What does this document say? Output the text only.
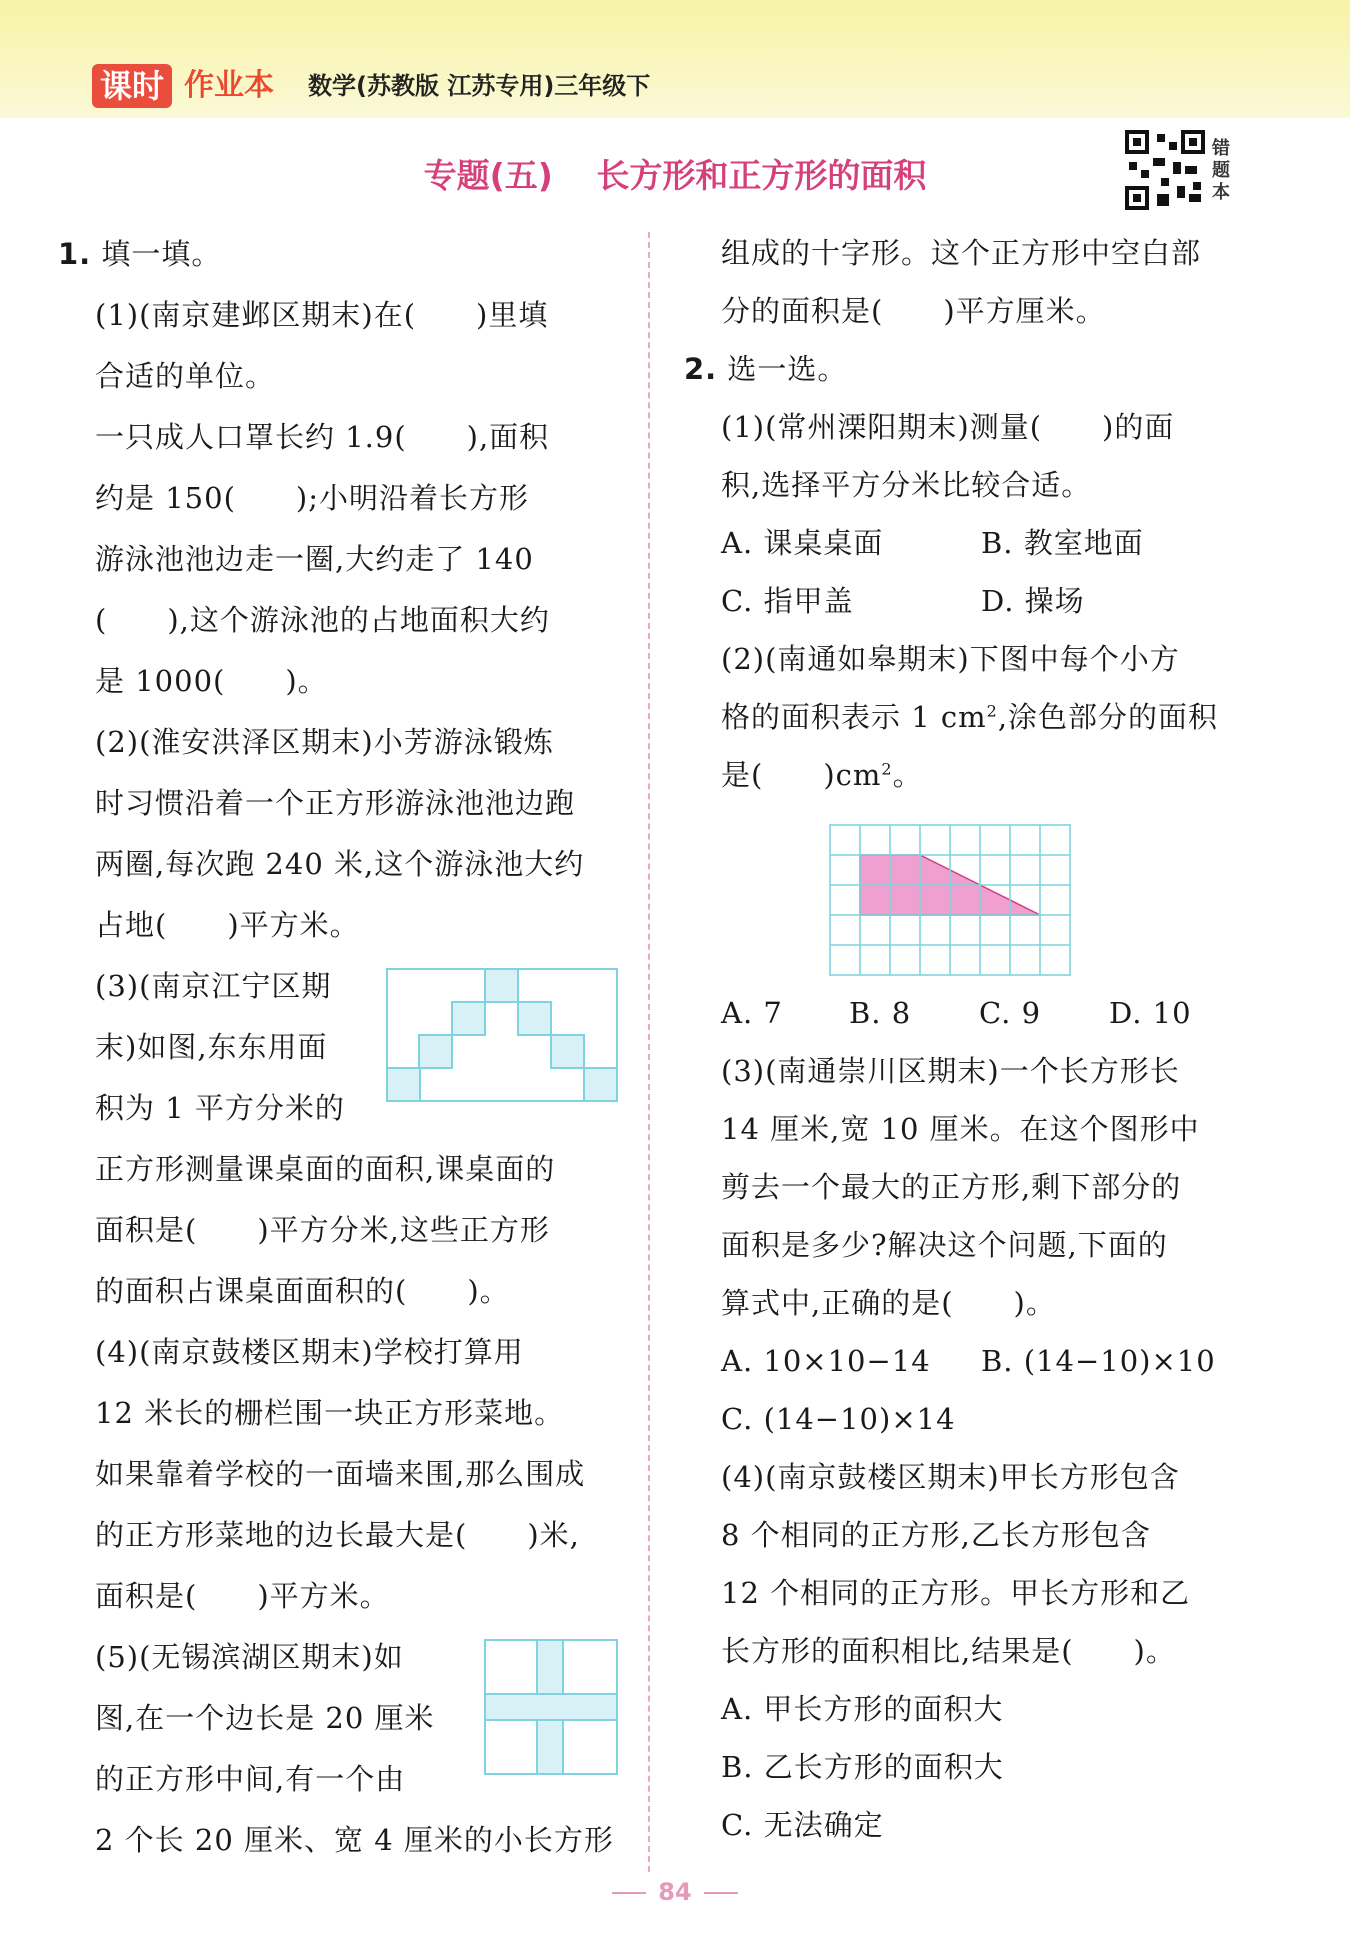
课时 作业本 数学(苏教版 江苏专用)三年级下
专题(五) 长方形和正方形的面积
错题本

1. 填一填。

(1)(南京建邺区期末)在(　　)里填

合适的单位。

一只成人口罩长约 1.9(　　),面积

约是 150(　　);小明沿着长方形

游泳池池边走一圈,大约走了 140

(　　),这个游泳池的占地面积大约

是 1000(　　)。

(2)(淮安洪泽区期末)小芳游泳锻炼

时习惯沿着一个正方形游泳池池边跑

两圈,每次跑 240 米,这个游泳池大约

占地(　　)平方米。

(3)(南京江宁区期

末)如图,东东用面

积为 1 平方分米的

正方形测量课桌面的面积,课桌面的

面积是(　　)平方分米,这些正方形

的面积占课桌面面积的(　　)。

(4)(南京鼓楼区期末)学校打算用

12 米长的栅栏围一块正方形菜地。

如果靠着学校的一面墙来围,那么围成

的正方形菜地的边长最大是(　　)米,

面积是(　　)平方米。

(5)(无锡滨湖区期末)如

图,在一个边长是 20 厘米

的正方形中间,有一个由

2 个长 20 厘米、宽 4 厘米的小长方形

组成的十字形。这个正方形中空白部

分的面积是(　　)平方厘米。

2. 选一选。

(1)(常州溧阳期末)测量(　　)的面

积,选择平方分米比较合适。

A. 课桌桌面	B. 教室地面

C. 指甲盖	D. 操场

(2)(南通如皋期末)下图中每个小方

格的面积表示 1 $cm^2$,涂色部分的面积

是(　　)$cm^2$。

A. 7 B. 8 C. 9 D. 10

(3)(南通崇川区期末)一个长方形长

14 厘米,宽 10 厘米。在这个图形中

剪去一个最大的正方形,剩下部分的

面积是多少?解决这个问题,下面的

算式中,正确的是(　　)。

A. 10×10−14 B. (14−10)×10

C. (14−10)×14

(4)(南京鼓楼区期末)甲长方形包含

8 个相同的正方形,乙长方形包含

12 个相同的正方形。甲长方形和乙

长方形的面积相比,结果是(　　)。

A. 甲长方形的面积大

B. 乙长方形的面积大

C. 无法确定

84
